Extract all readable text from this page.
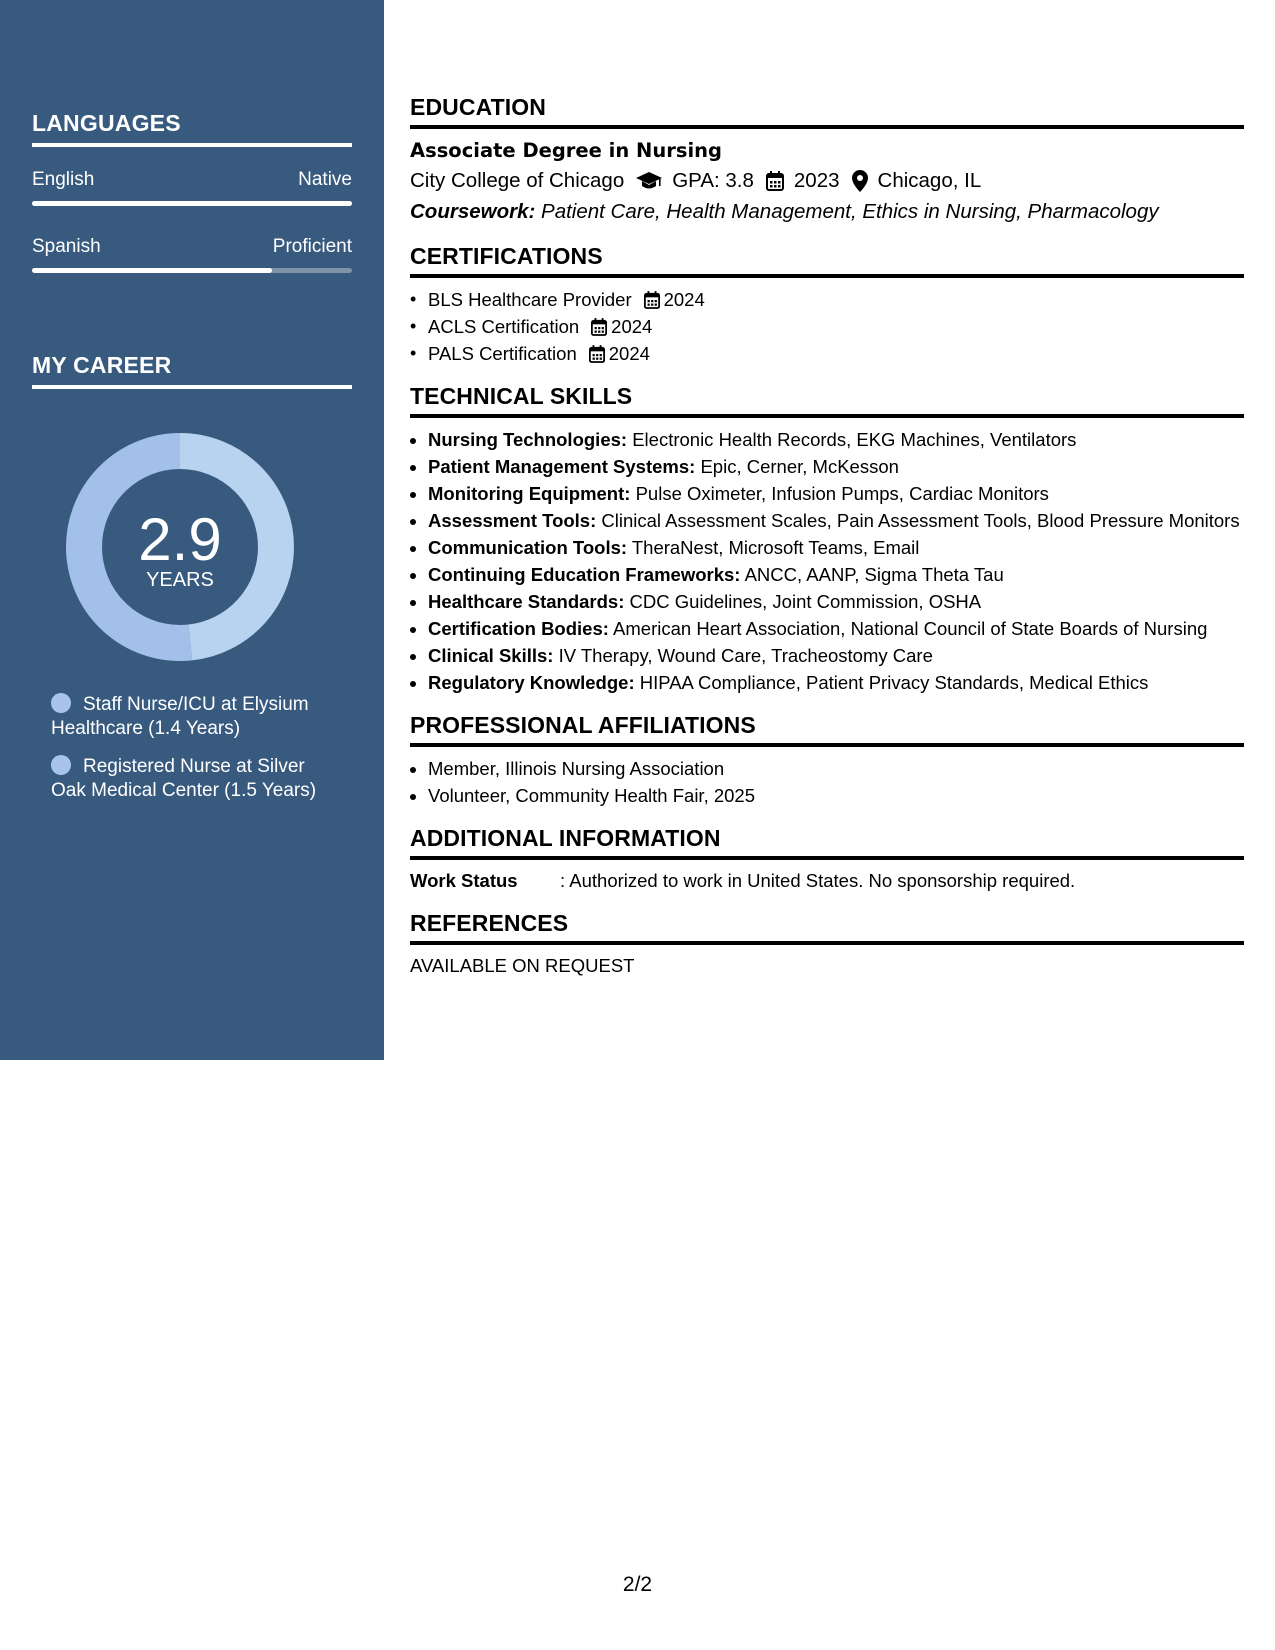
LANGUAGES
English	Native
Spanish	Proficient
MY CAREER
2.9
YEARS
Staff Nurse/ICU at Elysium Healthcare (1.4 Years)
Registered Nurse at Silver Oak Medical Center (1.5 Years)
EDUCATION
Associate Degree in Nursing
City College of Chicago GPA: 3.8 2023 Chicago, IL
Coursework: Patient Care, Health Management, Ethics in Nursing, Pharmacology
CERTIFICATIONS
• BLS Healthcare Provider 2024
• ACLS Certification 2024
• PALS Certification 2024
TECHNICAL SKILLS
• Nursing Technologies: Electronic Health Records, EKG Machines, Ventilators
• Patient Management Systems: Epic, Cerner, McKesson
• Monitoring Equipment: Pulse Oximeter, Infusion Pumps, Cardiac Monitors
• Assessment Tools: Clinical Assessment Scales, Pain Assessment Tools, Blood Pressure Monitors
• Communication Tools: TheraNest, Microsoft Teams, Email
• Continuing Education Frameworks: ANCC, AANP, Sigma Theta Tau
• Healthcare Standards: CDC Guidelines, Joint Commission, OSHA
• Certification Bodies: American Heart Association, National Council of State Boards of Nursing
• Clinical Skills: IV Therapy, Wound Care, Tracheostomy Care
• Regulatory Knowledge: HIPAA Compliance, Patient Privacy Standards, Medical Ethics
PROFESSIONAL AFFILIATIONS
• Member, Illinois Nursing Association
• Volunteer, Community Health Fair, 2025
ADDITIONAL INFORMATION
Work Status	: Authorized to work in United States. No sponsorship required.
REFERENCES
AVAILABLE ON REQUEST
2/2
